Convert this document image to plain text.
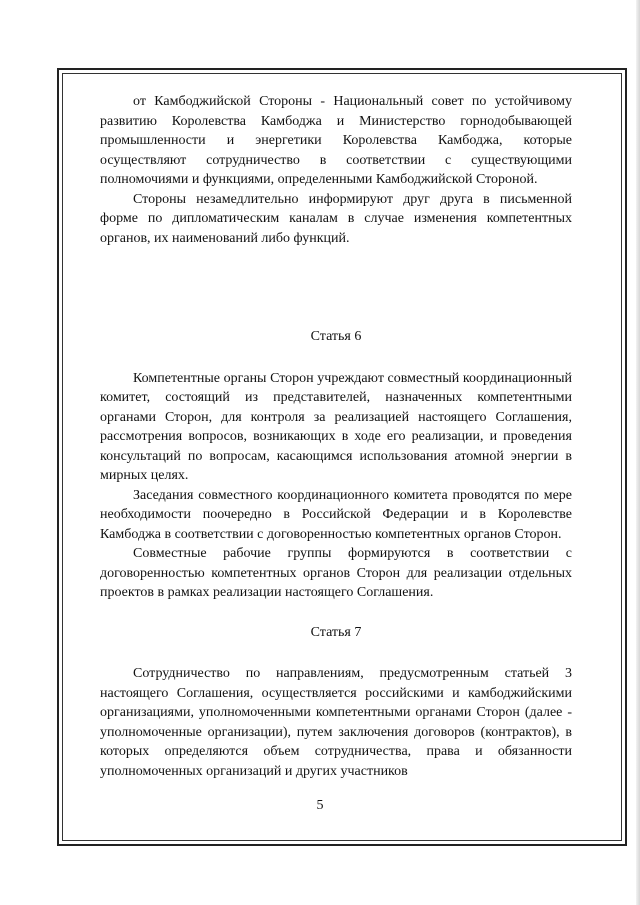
от Камбоджийской Стороны - Национальный совет по устойчивому развитию Королевства Камбоджа и Министерство горнодобывающей промышленности и энергетики Королевства Камбоджа, которые осуществляют сотрудничество в соответствии с существующими полномочиями и функциями, определенными Камбоджийской Стороной.

Стороны незамедлительно информируют друг друга в письменной форме по дипломатическим каналам в случае изменения компетентных органов, их наименований либо функций.

Статья 6

Компетентные органы Сторон учреждают совместный координационный комитет, состоящий из представителей, назначенных компетентными органами Сторон, для контроля за реализацией настоящего Соглашения, рассмотрения вопросов, возникающих в ходе его реализации, и проведения консультаций по вопросам, касающимся использования атомной энергии в мирных целях.

Заседания совместного координационного комитета проводятся по мере необходимости поочередно в Российской Федерации и в Королевстве Камбоджа в соответствии с договоренностью компетентных органов Сторон.

Совместные рабочие группы формируются в соответствии с договоренностью компетентных органов Сторон для реализации отдельных проектов в рамках реализации настоящего Соглашения.

Статья 7

Сотрудничество по направлениям, предусмотренным статьей 3 настоящего Соглашения, осуществляется российскими и камбоджийскими организациями, уполномоченными компетентными органами Сторон (далее - уполномоченные организации), путем заключения договоров (контрактов), в которых определяются объем сотрудничества, права и обязанности уполномоченных организаций и других участников

5
